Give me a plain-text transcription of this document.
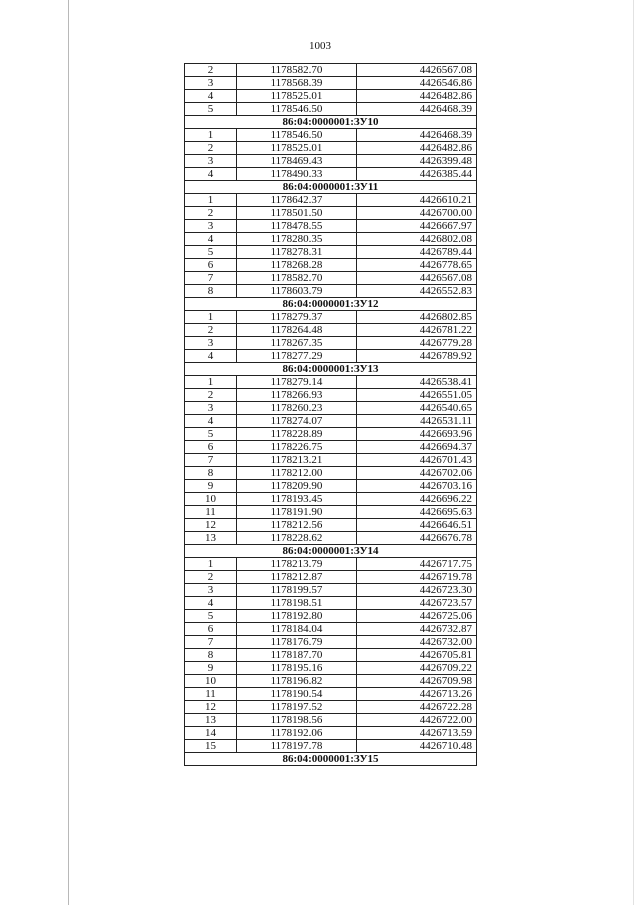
1003
2	1178582.70	4426567.08
3	1178568.39	4426546.86
4	1178525.01	4426482.86
5	1178546.50	4426468.39
86:04:0000001:ЗУ10		
1	1178546.50	4426468.39
2	1178525.01	4426482.86
3	1178469.43	4426399.48
4	1178490.33	4426385.44
86:04:0000001:ЗУ11		
1	1178642.37	4426610.21
2	1178501.50	4426700.00
3	1178478.55	4426667.97
4	1178280.35	4426802.08
5	1178278.31	4426789.44
6	1178268.28	4426778.65
7	1178582.70	4426567.08
8	1178603.79	4426552.83
86:04:0000001:ЗУ12		
1	1178279.37	4426802.85
2	1178264.48	4426781.22
3	1178267.35	4426779.28
4	1178277.29	4426789.92
86:04:0000001:ЗУ13		
1	1178279.14	4426538.41
2	1178266.93	4426551.05
3	1178260.23	4426540.65
4	1178274.07	4426531.11
5	1178228.89	4426693.96
6	1178226.75	4426694.37
7	1178213.21	4426701.43
8	1178212.00	4426702.06
9	1178209.90	4426703.16
10	1178193.45	4426696.22
11	1178191.90	4426695.63
12	1178212.56	4426646.51
13	1178228.62	4426676.78
86:04:0000001:ЗУ14		
1	1178213.79	4426717.75
2	1178212.87	4426719.78
3	1178199.57	4426723.30
4	1178198.51	4426723.57
5	1178192.80	4426725.06
6	1178184.04	4426732.87
7	1178176.79	4426732.00
8	1178187.70	4426705.81
9	1178195.16	4426709.22
10	1178196.82	4426709.98
11	1178190.54	4426713.26
12	1178197.52	4426722.28
13	1178198.56	4426722.00
14	1178192.06	4426713.59
15	1178197.78	4426710.48
86:04:0000001:ЗУ15		
